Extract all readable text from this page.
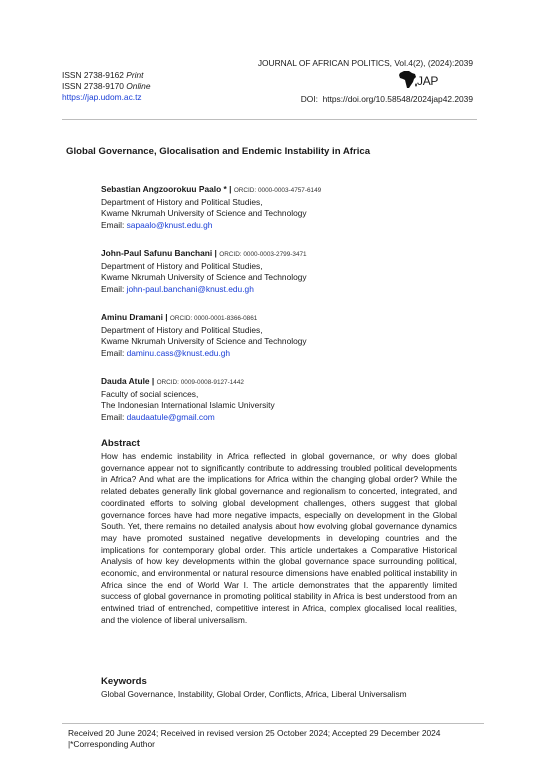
ISSN 2738-9162 Print
ISSN 2738-9170 Online
https://jap.udom.ac.tz
JOURNAL OF AFRICAN POLITICS, Vol.4(2), (2024):2039
JAP
DOI: https://doi.org/10.58548/2024jap42.2039
Global Governance, Glocalisation and Endemic Instability in Africa
Sebastian Angzoorokuu Paalo * | ORCID: 0000-0003-4757-6149
Department of History and Political Studies,
Kwame Nkrumah University of Science and Technology
Email: sapaalo@knust.edu.gh
John-Paul Safunu Banchani | ORCID: 0000-0003-2799-3471
Department of History and Political Studies,
Kwame Nkrumah University of Science and Technology
Email: john-paul.banchani@knust.edu.gh
Aminu Dramani | ORCID: 0000-0001-8366-0861
Department of History and Political Studies,
Kwame Nkrumah University of Science and Technology
Email: daminu.cass@knust.edu.gh
Dauda Atule | ORCID: 0009-0008-9127-1442
Faculty of social sciences,
The Indonesian International Islamic University
Email: daudaatule@gmail.com
Abstract
How has endemic instability in Africa reflected in global governance, or why does global governance appear not to significantly contribute to addressing troubled political developments in Africa? And what are the implications for Africa within the changing global order? While the related debates generally link global governance and regionalism to concerted, integrated, and coordinated efforts to solving global development challenges, others suggest that global governance forces have had more negative impacts, especially on development in the Global South. Yet, there remains no detailed analysis about how evolving global governance dynamics may have promoted sustained negative developments in developing countries and the implications for contemporary global order. This article undertakes a Comparative Historical Analysis of how key developments within the global governance space surrounding political, economic, and environmental or natural resource dimensions have enabled political instability in Africa since the end of World War I. The article demonstrates that the apparently limited success of global governance in promoting political stability in Africa is best understood from an entwined triad of entrenched, competitive interest in Africa, complex glocalised local realities, and the violence of liberal universalism.
Keywords
Global Governance, Instability, Global Order, Conflicts, Africa, Liberal Universalism
Received 20 June 2024; Received in revised version 25 October 2024; Accepted 29 December 2024
|*Corresponding Author
